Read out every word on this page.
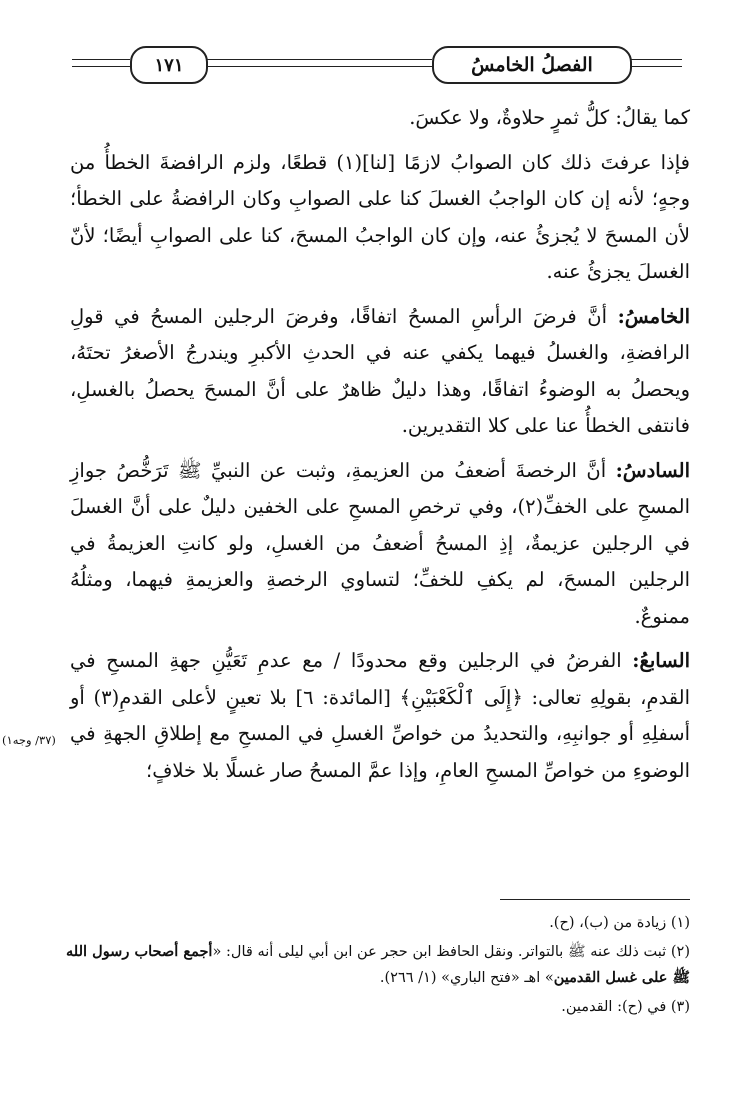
١٧١	الفصلُ الخامسُ
(٣٧/ وجه١)

كما يقالُ: كلُّ ثمرٍ حلاوةٌ، ولا عكسَ.

فإذا عرفتَ ذلك كان الصوابُ لازمًا [لنا](١) قطعًا، ولزم الرافضةَ الخطأُ من وجهٍ؛ لأنه إن كان الواجبُ الغسلَ كنا على الصوابِ وكان الرافضةُ على الخطأ؛ لأن المسحَ لا يُجزئُ عنه، وإن كان الواجبُ المسحَ، كنا على الصوابِ أيضًا؛ لأنّ الغسلَ يجزئُ عنه.

الخامسُ: أنَّ فرضَ الرأسِ المسحُ اتفاقًا، وفرضَ الرجلين المسحُ في قولِ الرافضةِ، والغسلُ فيهما يكفي عنه في الحدثِ الأكبرِ ويندرجُ الأصغرُ تحتَهُ، ويحصلُ به الوضوءُ اتفاقًا، وهذا دليلٌ ظاهرٌ على أنَّ المسحَ يحصلُ بالغسلِ، فانتفى الخطأُ عنا على كلا التقديرين.

السادسُ: أنَّ الرخصةَ أضعفُ من العزيمةِ، وثبت عن النبيِّ ﷺ تَرَخُّصُ جوازِ المسحِ على الخفِّ(٢)، وفي ترخصِ المسحِ على الخفين دليلٌ على أنَّ الغسلَ في الرجلين عزيمةٌ، إذِ المسحُ أضعفُ من الغسلِ، ولو كانتِ العزيمةُ في الرجلين المسحَ، لم يكفِ للخفِّ؛ لتساوي الرخصةِ والعزيمةِ فيهما، ومثلُهُ ممنوعٌ.

السابعُ: الفرضُ في الرجلين وقع محدودًا / مع عدمِ تَعَيُّنِ جهةِ المسحِ في القدمِ، بقولِهِ تعالى: ﴿إِلَى ٱلْكَعْبَيْنِ﴾ [المائدة: ٦] بلا تعينٍ لأعلى القدمِ(٣) أو أسفلِهِ أو جوانبِهِ، والتحديدُ من خواصِّ الغسلِ في المسحِ مع إطلاقِ الجهةِ في الوضوءِ من خواصِّ المسحِ العامِ، وإذا عمَّ المسحُ صار غسلًا بلا خلافٍ؛

(١) زيادة من (ب)، (ح).

(٢) ثبت ذلك عنه ﷺ بالتواتر. ونقل الحافظ ابن حجر عن ابن أبي ليلى أنه قال: «أجمع أصحاب رسول الله ﷺ على غسل القدمين» اهـ «فتح الباري» (١/ ٢٦٦).

(٣) في (ح): القدمين.
